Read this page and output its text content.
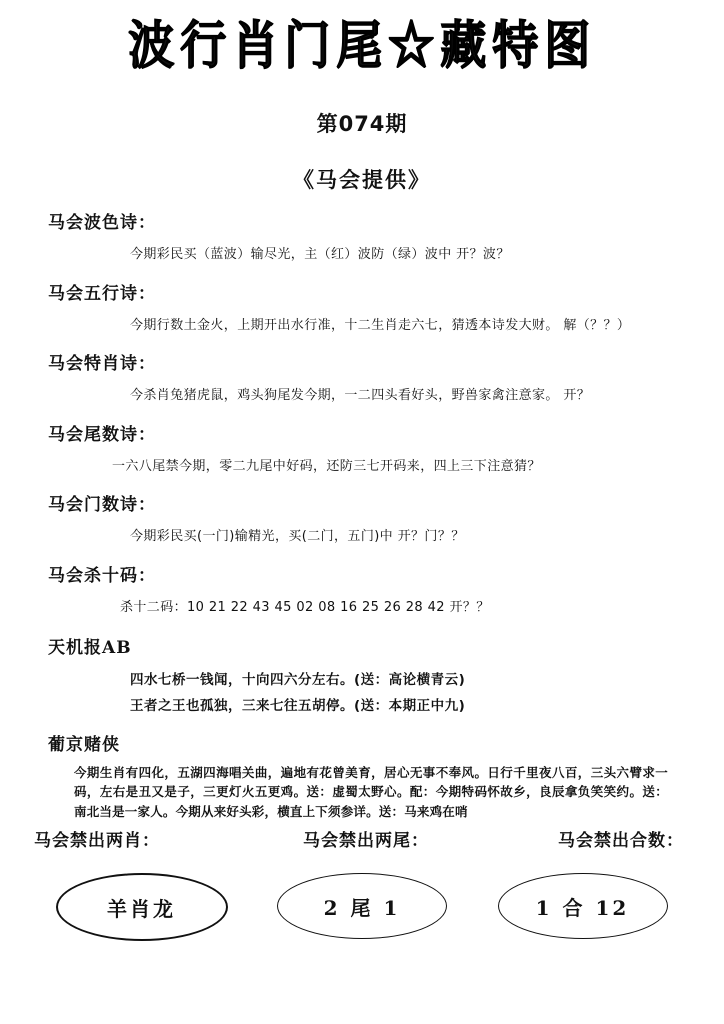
波行肖门尾☆藏特图
第074期
《马会提供》
马会波色诗：
今期彩民买（蓝波）输尽光，主（红）波防（绿）波中 开？波？
马会五行诗：
今期行数土金火，上期开出水行准，十二生肖走六七，猜透本诗发大财。 解（？？）
马会特肖诗：
今杀肖兔猪虎鼠，鸡头狗尾发今期，一二四头看好头，野兽家禽注意家。 开？
马会尾数诗：
一六八尾禁今期，零二九尾中好码，还防三七开码来，四上三下注意猜？
马会门数诗：
今期彩民买(一门)输精光，买(二门，五门)中 开？门？？
马会杀十码：
杀十二码：10 21 22 43 45 02 08 16 25 26 28 42 开？？
天机报AB
四水七桥一钱闻，十向四六分左右。(送：高论横青云)
王者之王也孤独，三来七往五胡停。(送：本期正中九)
葡京赌侠
今期生肖有四化，五湖四海唱关曲，遍地有花曾美育，居心无事不奉风。日行千里夜八百，三头六臂求一码，左右是丑又是子，三更灯火五更鸡。送：虚蜀太野心。配：今期特码怀故乡，良辰拿负笑笑约。送：南北当是一家人。今期从来好头彩，横直上下须参详。送：马来鸡在哨
马会禁出两肖：
羊肖龙
马会禁出两尾：
2 尾 1
马会禁出合数：
1 合 12
